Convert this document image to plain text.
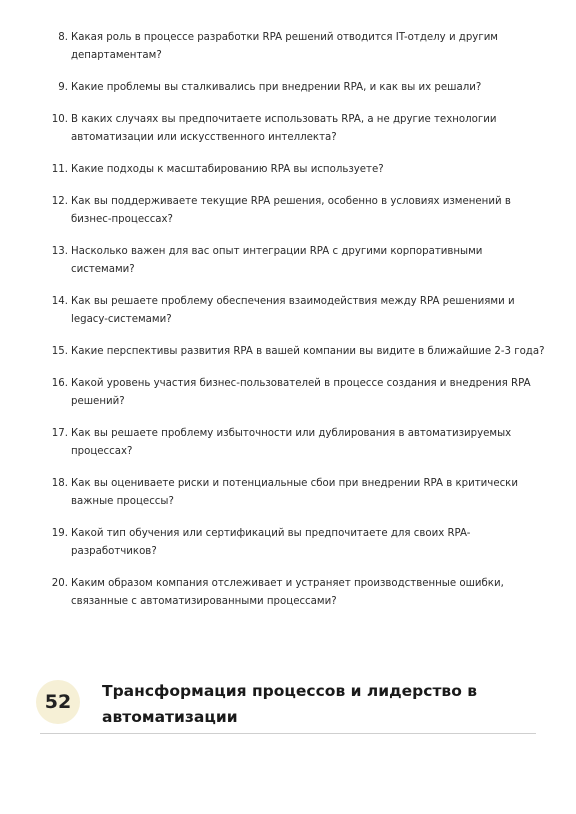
8. Какая роль в процессе разработки RPA решений отводится IT-отделу и другим департаментам?
9. Какие проблемы вы сталкивались при внедрении RPA, и как вы их решали?
10. В каких случаях вы предпочитаете использовать RPA, а не другие технологии автоматизации или искусственного интеллекта?
11. Какие подходы к масштабированию RPA вы используете?
12. Как вы поддерживаете текущие RPA решения, особенно в условиях изменений в бизнес-процессах?
13. Насколько важен для вас опыт интеграции RPA с другими корпоративными системами?
14. Как вы решаете проблему обеспечения взаимодействия между RPA решениями и legacy-системами?
15. Какие перспективы развития RPA в вашей компании вы видите в ближайшие 2-3 года?
16. Какой уровень участия бизнес-пользователей в процессе создания и внедрения RPA решений?
17. Как вы решаете проблему избыточности или дублирования в автоматизируемых процессах?
18. Как вы оцениваете риски и потенциальные сбои при внедрении RPA в критически важные процессы?
19. Какой тип обучения или сертификаций вы предпочитаете для своих RPA-разработчиков?
20. Каким образом компания отслеживает и устраняет производственные ошибки, связанные с автоматизированными процессами?
52	Трансформация процессов и лидерство в автоматизации
